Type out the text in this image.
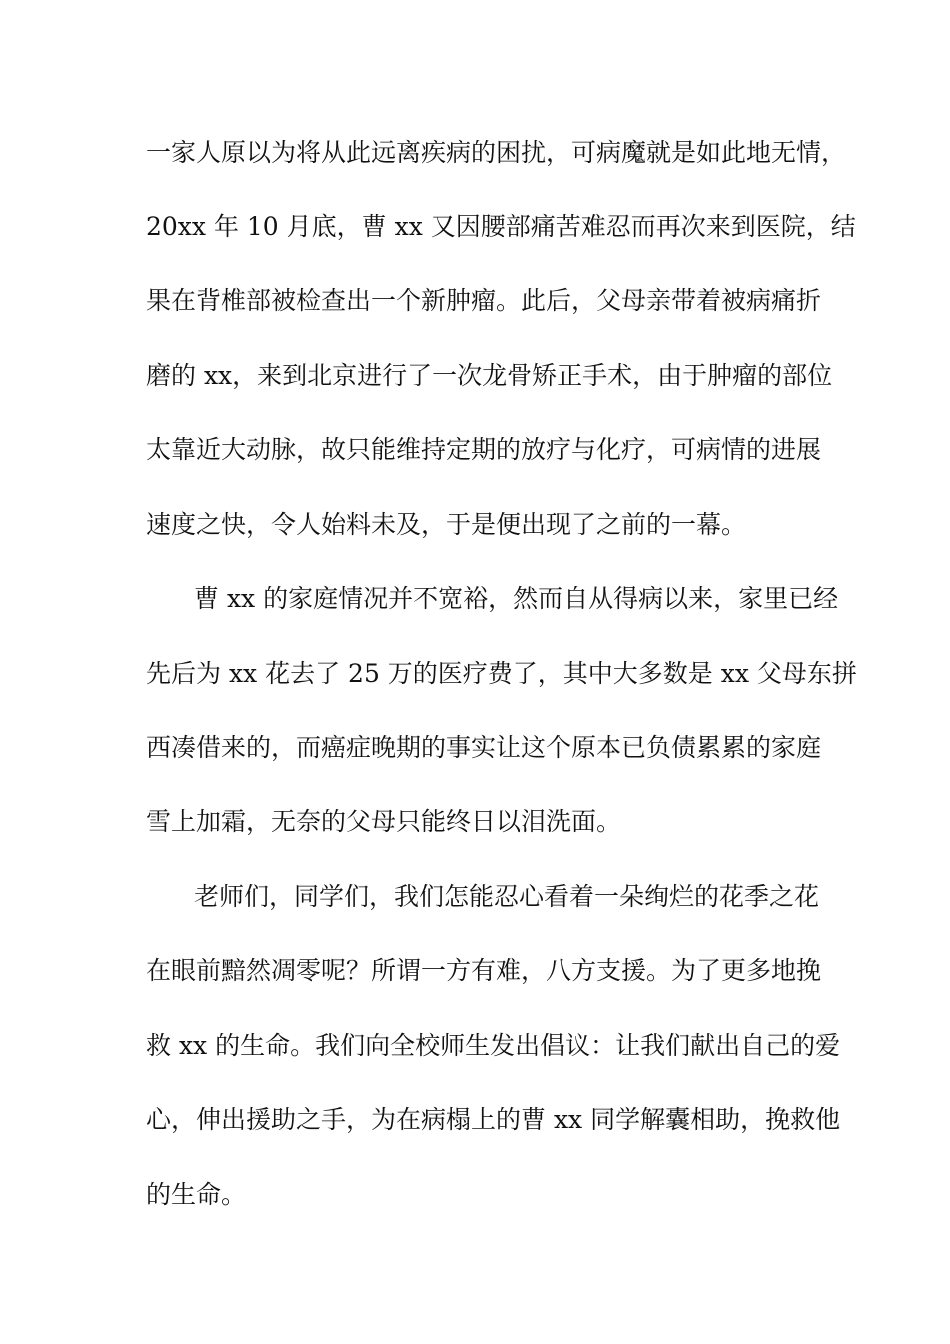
一家人原以为将从此远离疾病的困扰，可病魔就是如此地无情，
20xx 年 10 月底，曹 xx 又因腰部痛苦难忍而再次来到医院，结
果在背椎部被检查出一个新肿瘤。此后，父母亲带着被病痛折
磨的 xx，来到北京进行了一次龙骨矫正手术，由于肿瘤的部位
太靠近大动脉，故只能维持定期的放疗与化疗，可病情的进展
速度之快，令人始料未及，于是便出现了之前的一幕。
曹 xx 的家庭情况并不宽裕，然而自从得病以来，家里已经
先后为 xx 花去了 25 万的医疗费了，其中大多数是 xx 父母东拼
西凑借来的，而癌症晚期的事实让这个原本已负债累累的家庭
雪上加霜，无奈的父母只能终日以泪洗面。
老师们，同学们，我们怎能忍心看着一朵绚烂的花季之花
在眼前黯然凋零呢？所谓一方有难，八方支援。为了更多地挽
救 xx 的生命。我们向全校师生发出倡议：让我们献出自己的爱
心，伸出援助之手，为在病榻上的曹 xx 同学解囊相助，挽救他
的生命。
